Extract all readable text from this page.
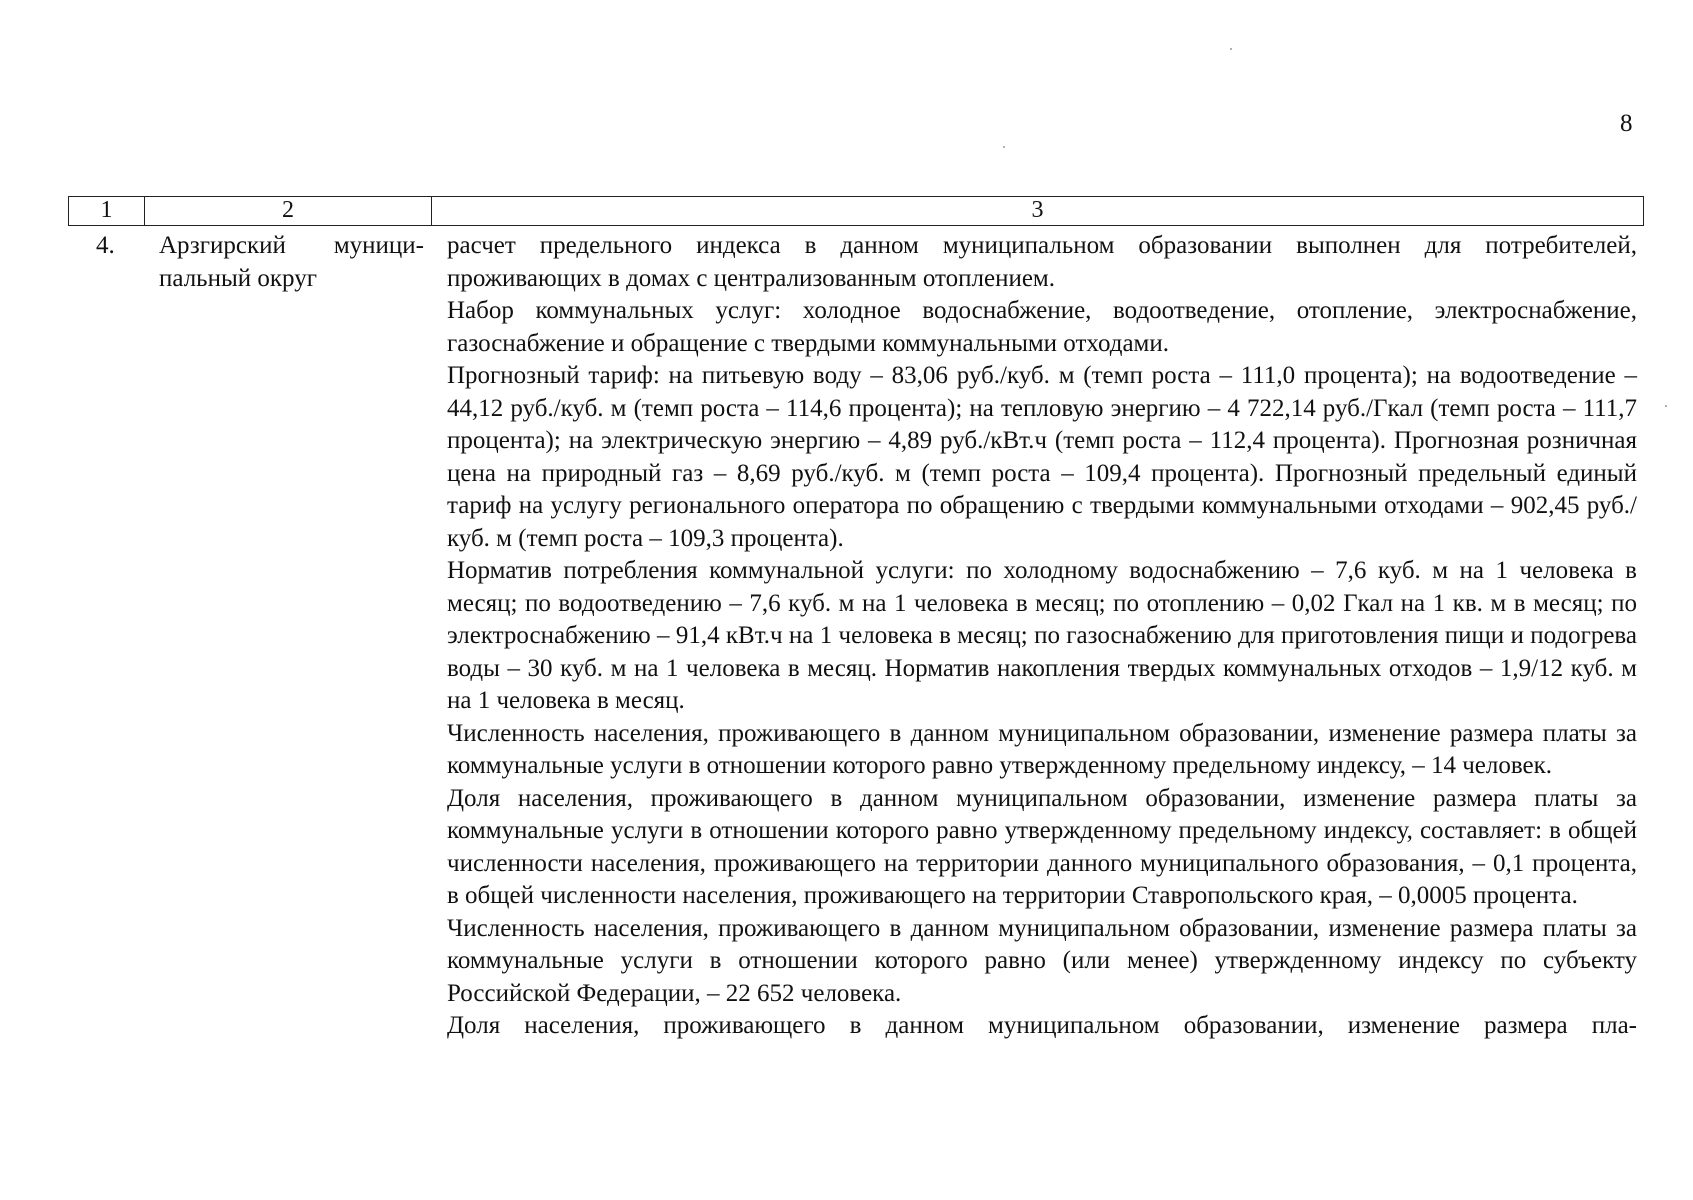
8
1	2	3
4. Арзгирский муници-пальный округ

расчет предельного индекса в данном муниципальном образовании выполнен для потребителей, проживающих в домах с централизованным отоплением.

Набор коммунальных услуг: холодное водоснабжение, водоотведение, отопление, электроснабжение, газоснабжение и обращение с твердыми коммунальными отходами.

Прогнозный тариф: на питьевую воду – 83,06 руб./куб. м (темп роста – 111,0 процента); на водоотведение – 44,12 руб./куб. м (темп роста – 114,6 процента); на тепловую энергию – 4 722,14 руб./Гкал (темп роста – 111,7 процента); на электрическую энергию – 4,89 руб./кВт.ч (темп роста – 112,4 процента). Прогнозная розничная цена на природный газ – 8,69 руб./куб. м (темп роста – 109,4 процента). Прогнозный предельный единый тариф на услугу регионального оператора по обращению с твердыми коммунальными отходами – 902,45 руб./куб. м (темп роста – 109,3 процента).

Норматив потребления коммунальной услуги: по холодному водоснабжению – 7,6 куб. м на 1 человека в месяц; по водоотведению – 7,6 куб. м на 1 человека в месяц; по отоплению – 0,02 Гкал на 1 кв. м в месяц; по электроснабжению – 91,4 кВт.ч на 1 человека в месяц; по газоснабжению для приготовления пищи и подогрева воды – 30 куб. м на 1 человека в месяц. Норматив накопления твердых коммунальных отходов – 1,9/12 куб. м на 1 человека в месяц.

Численность населения, проживающего в данном муниципальном образовании, изменение размера платы за коммунальные услуги в отношении которого равно утвержденному предельному индексу, – 14 человек.

Доля населения, проживающего в данном муниципальном образовании, изменение размера платы за коммунальные услуги в отношении которого равно утвержденному предельному индексу, составляет: в общей численности населения, проживающего на территории данного муниципального образования, – 0,1 процента, в общей численности населения, проживающего на территории Ставропольского края, – 0,0005 процента.

Численность населения, проживающего в данном муниципальном образовании, изменение размера платы за коммунальные услуги в отношении которого равно (или менее) утвержденному индексу по субъекту Российской Федерации, – 22 652 человека.

Доля населения, проживающего в данном муниципальном образовании, изменение размера пла-
